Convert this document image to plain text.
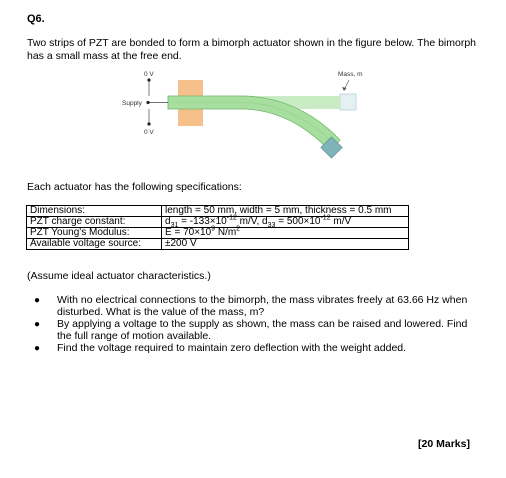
Q6.
Two strips of PZT are bonded to form a bimorph actuator shown in the figure below. The bimorph has a small mass at the free end.
0 V
Supply
0 V
Mass, m
Each actuator has the following specifications:
Dimensions:	length = 50 mm, width = 5 mm, thickness = 0.5 mm
PZT charge constant:	$d_{31} = -133\times 10^{-12}$ m/V, $d_{33} = 500\times 10^{-12}$ m/V
PZT Young's Modulus:	$E = 70\times 10^9$ $N/m^2$
Available voltage source:	±200 V
(Assume ideal actuator characteristics.)
● With no electrical connections to the bimorph, the mass vibrates freely at 63.66 Hz when disturbed. What is the value of the mass, m?
● By applying a voltage to the supply as shown, the mass can be raised and lowered. Find the full range of motion available.
● Find the voltage required to maintain zero deflection with the weight added.
[20 Marks]
